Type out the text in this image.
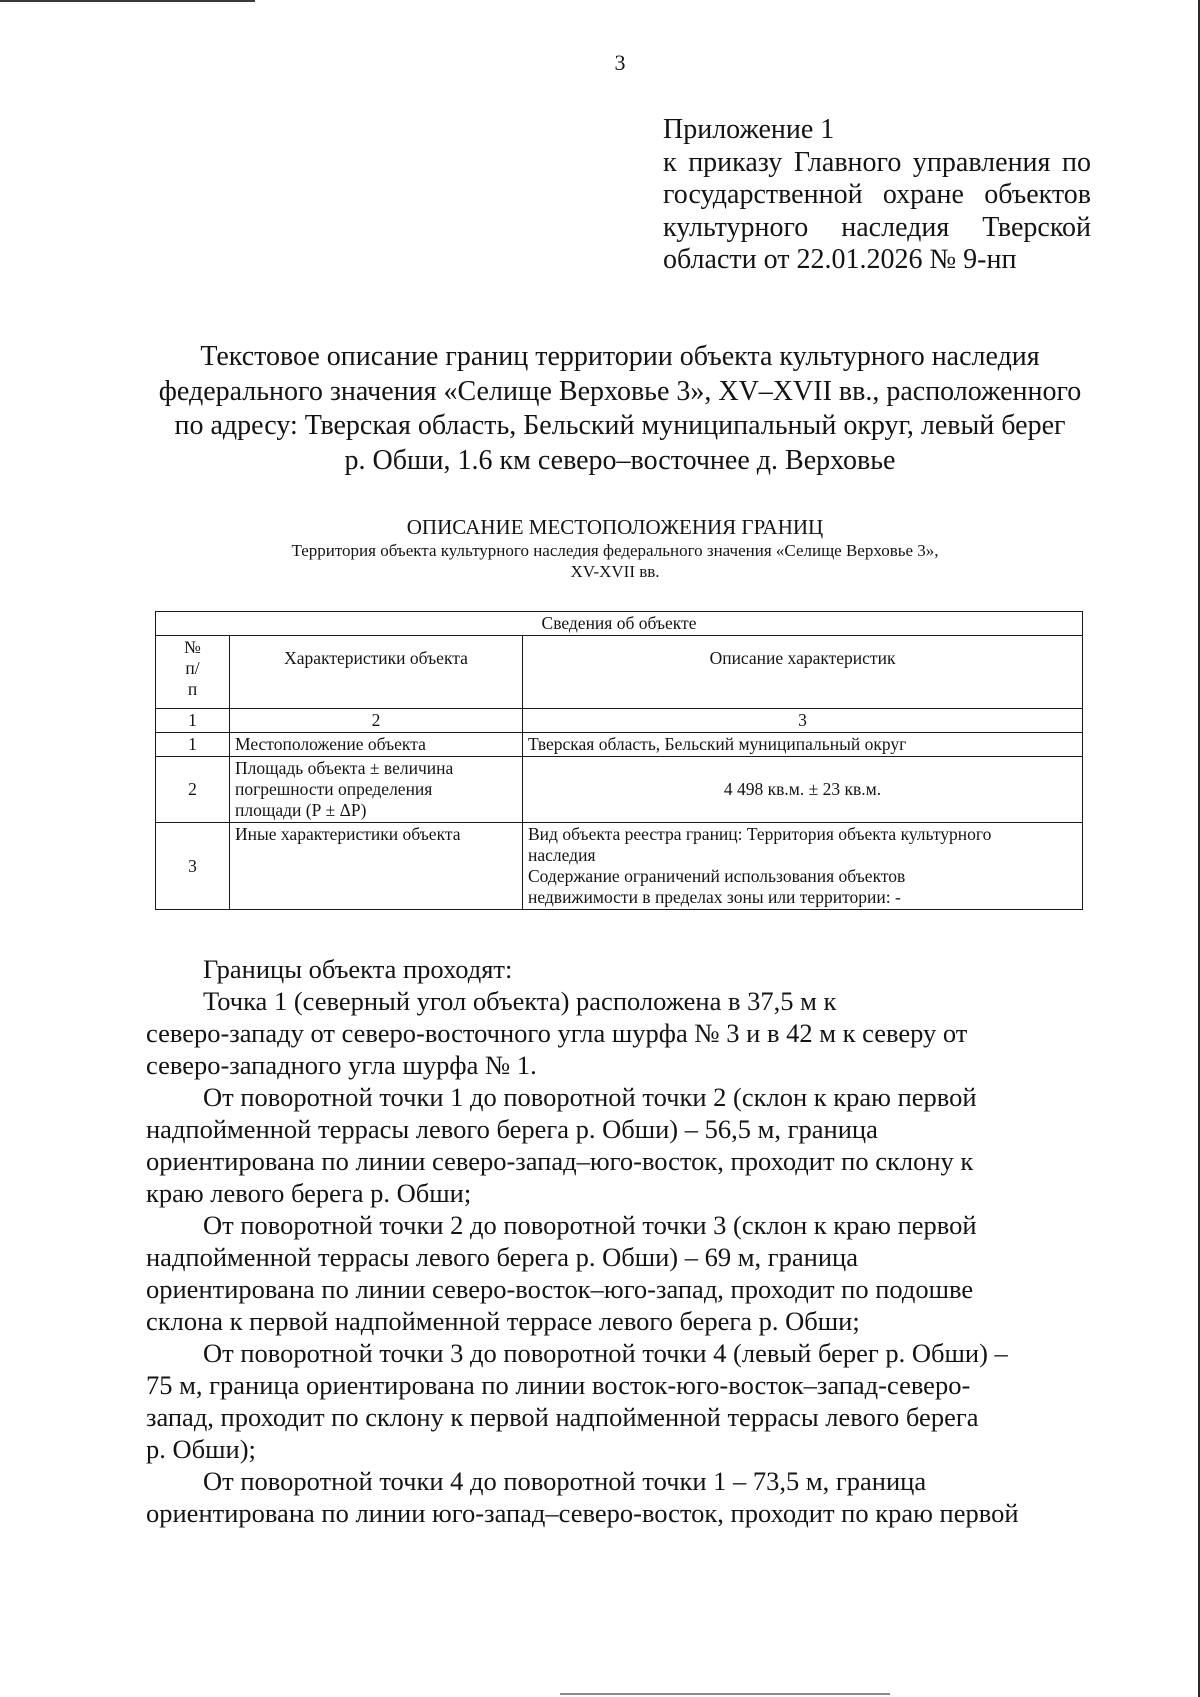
3
Приложение 1
к приказу Главного управления по
государственной охране объектов
культурного наследия Тверской
области от 22.01.2026 № 9-нп
Текстовое описание границ территории объекта культурного наследия
федерального значения «Селище Верховье 3», XV–XVII вв., расположенного
по адресу: Тверская область, Бельский муниципальный округ, левый берег
р. Обши, 1.6 км северо–восточнее д. Верховье
ОПИСАНИЕ МЕСТОПОЛОЖЕНИЯ ГРАНИЦ
Территория объекта культурного наследия федерального значения «Селище Верховье 3»,
XV-XVII вв.
Сведения об объекте		

№
п/
п	Характеристики объекта	Описание характеристик
1	2	3
1	Местоположение объекта	Тверская область, Бельский муниципальный округ

2	Площадь объекта ± величина
погрешности определения
площади (Р ± ΔР)	4 498 кв.м. ± 23 кв.м.

3	Иные характеристики объекта	Вид объекта реестра границ: Территория объекта культурного
наследия
Содержание ограничений использования объектов
недвижимости в пределах зоны или территории: -
Границы объекта проходят:
Точка 1 (северный угол объекта) расположена в 37,5 м к
северо-западу от северо-восточного угла шурфа № 3 и в 42 м к северу от
северо-западного угла шурфа № 1.
От поворотной точки 1 до поворотной точки 2 (склон к краю первой
надпойменной террасы левого берега р. Обши) – 56,5 м, граница
ориентирована по линии северо-запад–юго-восток, проходит по склону к
краю левого берега р. Обши;
От поворотной точки 2 до поворотной точки 3 (склон к краю первой
надпойменной террасы левого берега р. Обши) – 69 м, граница
ориентирована по линии северо-восток–юго-запад, проходит по подошве
склона к первой надпойменной террасе левого берега р. Обши;
От поворотной точки 3 до поворотной точки 4 (левый берег р. Обши) –
75 м, граница ориентирована по линии восток-юго-восток–запад-северо-
запад, проходит по склону к первой надпойменной террасы левого берега
р. Обши);
От поворотной точки 4 до поворотной точки 1 – 73,5 м, граница
ориентирована по линии юго-запад–северо-восток, проходит по краю первой
